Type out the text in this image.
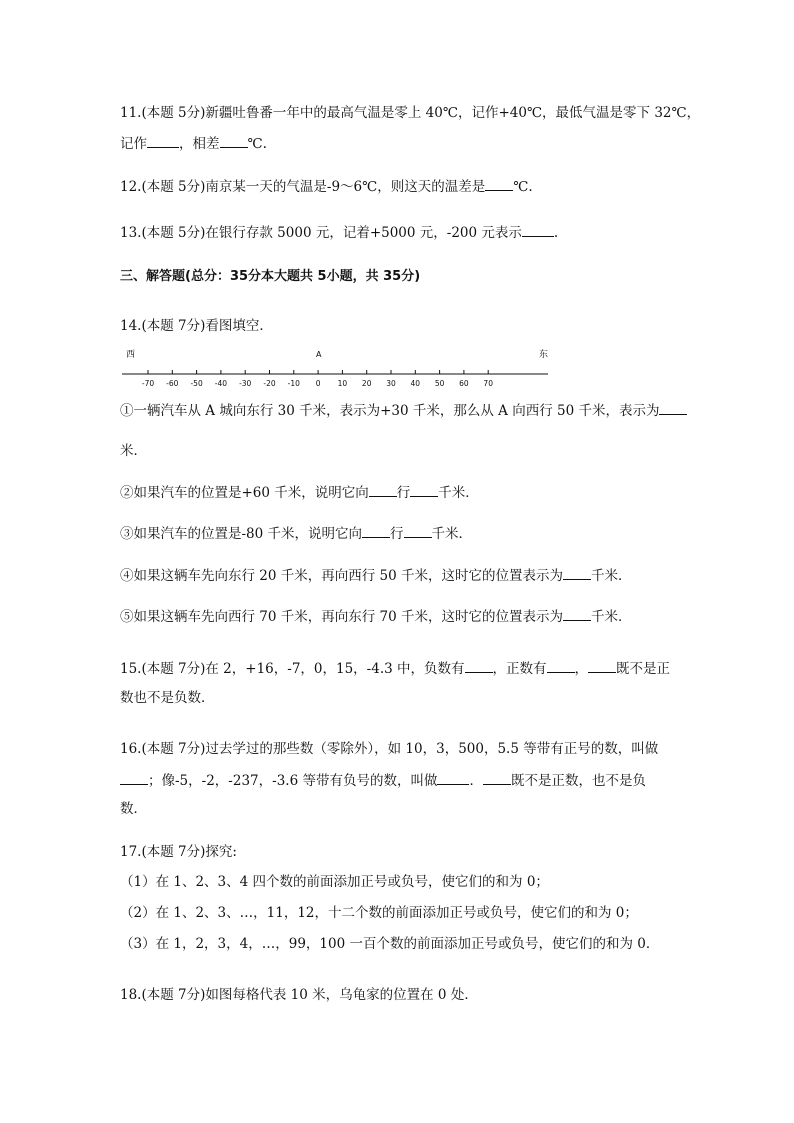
11.(本题 5分)新疆吐鲁番一年中的最高气温是零上 40℃，记作+40℃，最低气温是零下 32℃，
记作 ，相差 ℃.
12.(本题 5分)南京某一天的气温是-9～6℃，则这天的温差是 ℃.
13.(本题 5分)在银行存款 5000 元，记着+5000 元，-200 元表示 .
三、解答题(总分：35分本大题共 5小题，共 35分)
14.(本题 7分)看图填空．
西	A	东
-70 -60 -50 -40 -30 -20 -10 0 10 20 30 40 50 60 70
①一辆汽车从 A 城向东行 30 千米，表示为+30 千米，那么从 A 向西行 50 千米，表示为
米．
②如果汽车的位置是+60 千米，说明它向 行 千米．
③如果汽车的位置是-80 千米，说明它向 行 千米．
④如果这辆车先向东行 20 千米，再向西行 50 千米，这时它的位置表示为 千米．
⑤如果这辆车先向西行 70 千米，再向东行 70 千米，这时它的位置表示为 千米．
15.(本题 7分)在 2，+16，-7，0，15，-4.3 中，负数有 ，正数有 ， 既不是正
数也不是负数．
16.(本题 7分)过去学过的那些数（零除外），如 10，3，500，5.5 等带有正号的数，叫做
；像-5，-2，-237，-3.6 等带有负号的数，叫做 ． 既不是正数，也不是负
数．
17.(本题 7分)探究:
（1）在 1、2、3、4 四个数的前面添加正号或负号，使它们的和为 0；
（2）在 1、2、3、…，11，12，十二个数的前面添加正号或负号，使它们的和为 0；
（3）在 1，2，3，4，…，99，100 一百个数的前面添加正号或负号，使它们的和为 0．
18.(本题 7分)如图每格代表 10 米，乌龟家的位置在 0 处．
